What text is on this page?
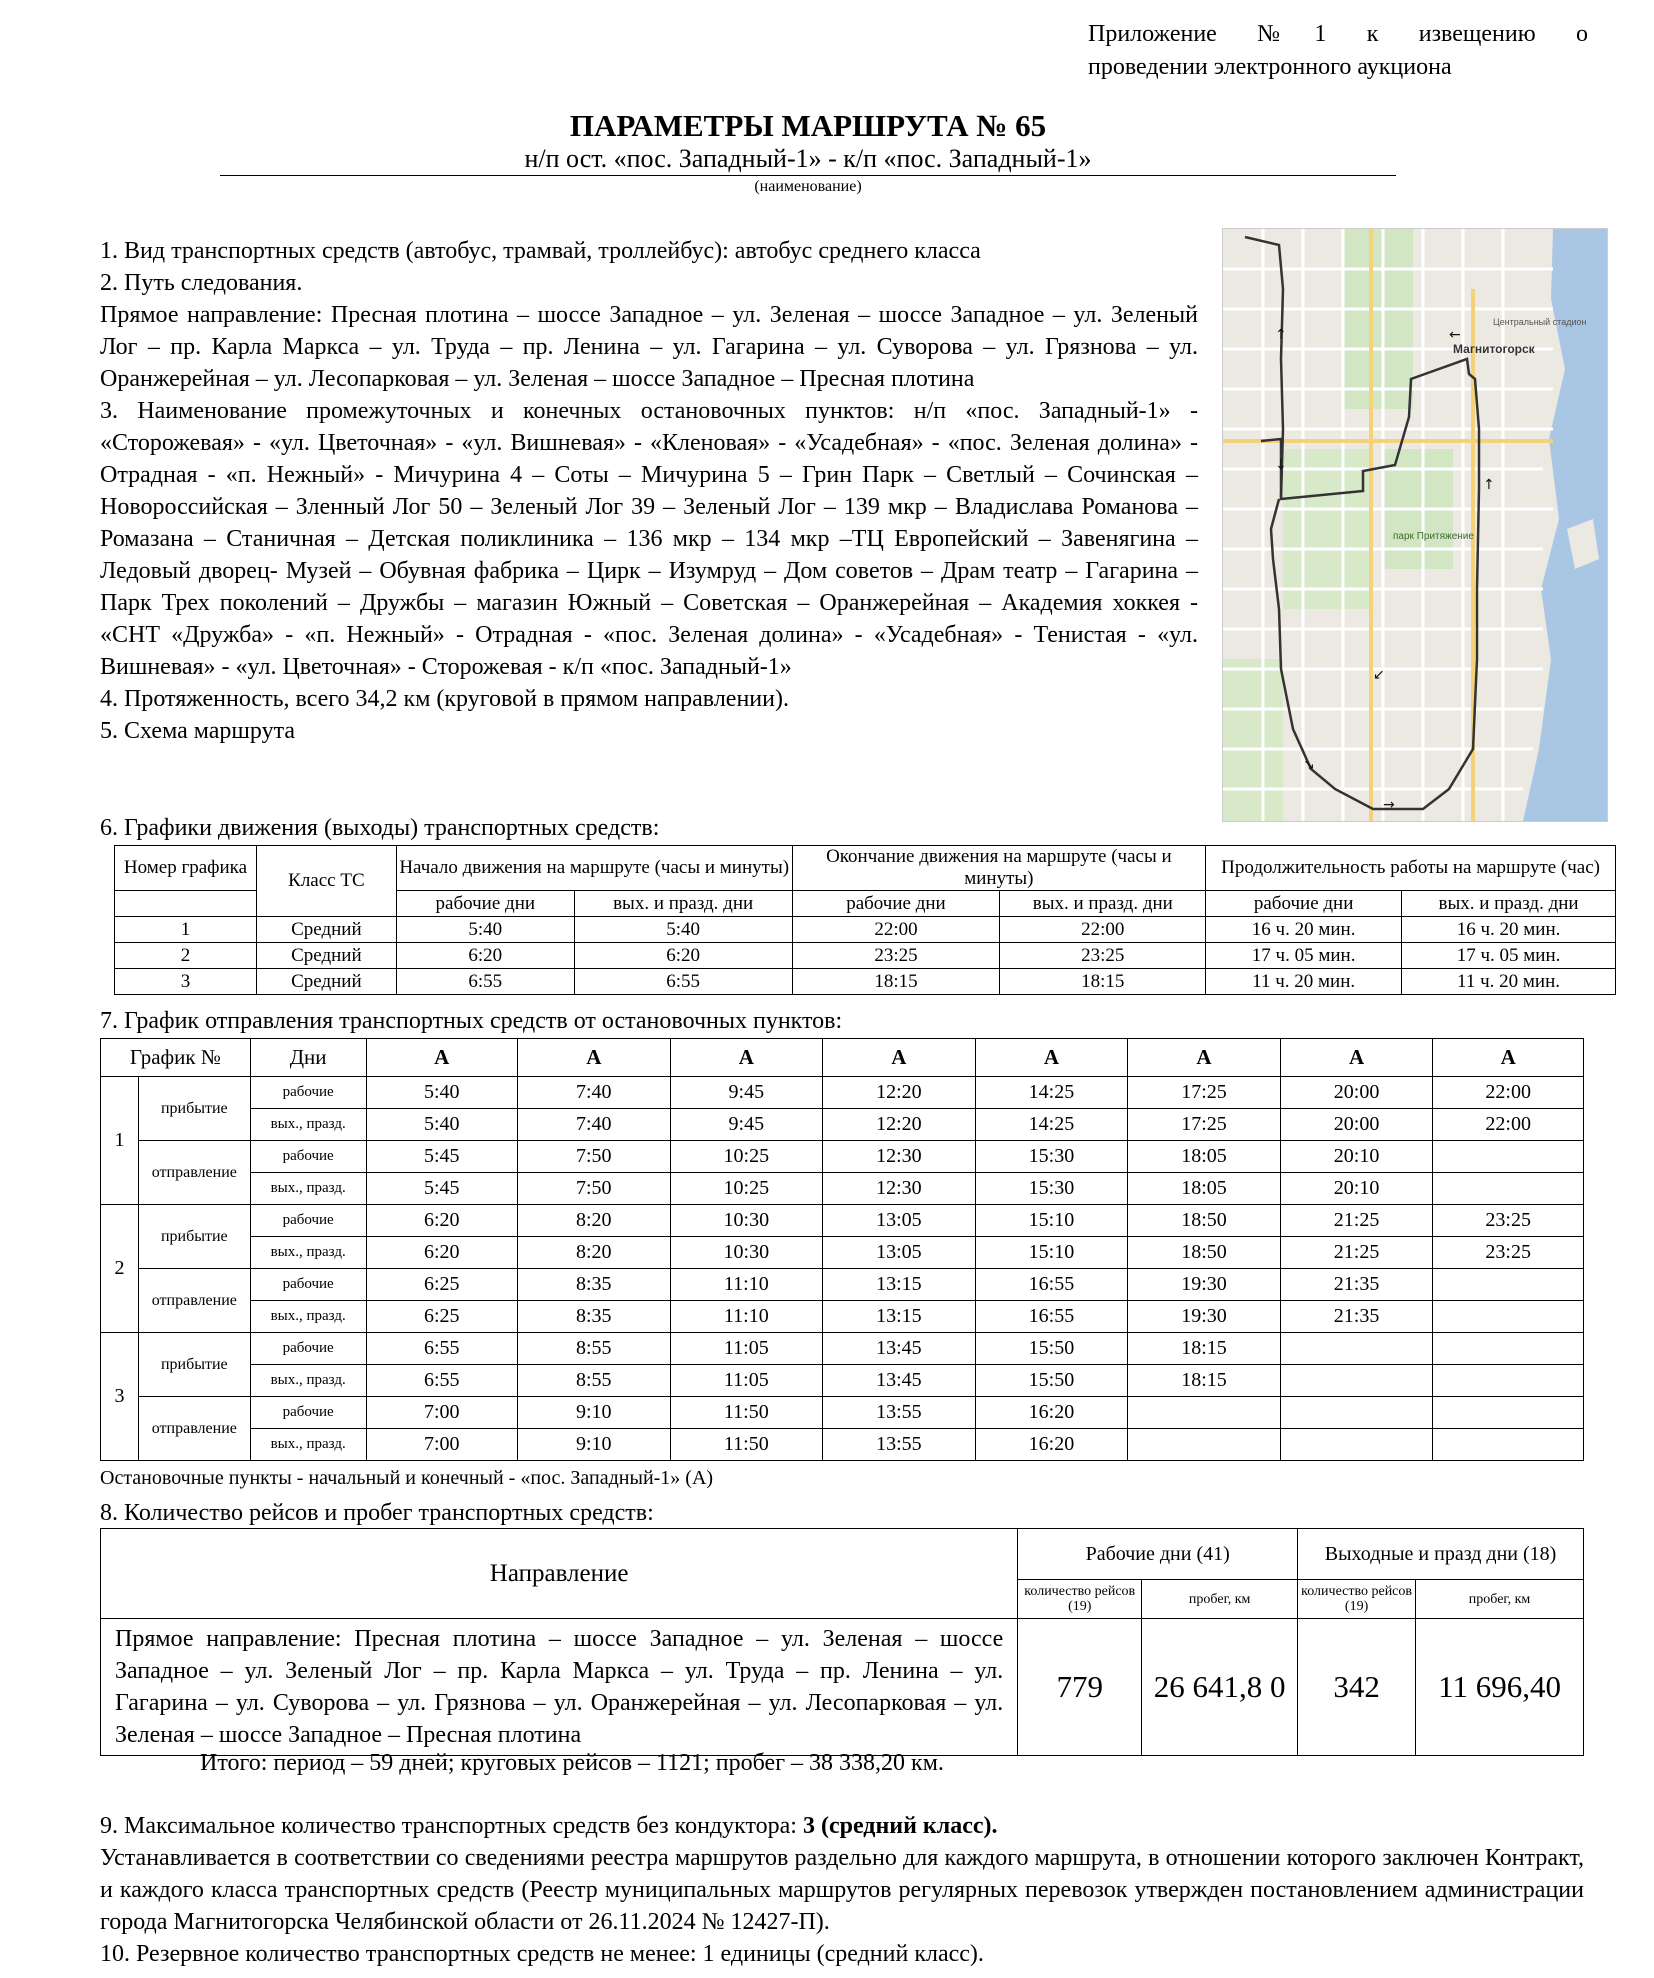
Приложение №1 к извещению о
проведении электронного аукциона
ПАРАМЕТРЫ МАРШРУТА № 65
н/п ост. «пос. Западный-1» - к/п «пос. Западный-1»
(наименование)

1. Вид транспортных средств (автобус, трамвай, троллейбус): автобус среднего класса

2. Путь следования.

Прямое направление: Пресная плотина – шоссе Западное – ул. Зеленая – шоссе Западное – ул. Зеленый Лог – пр. Карла Маркса – ул. Труда – пр. Ленина – ул. Гагарина – ул. Суворова – ул. Грязнова – ул. Оранжерейная – ул. Лесопарковая – ул. Зеленая – шоссе Западное – Пресная плотина

3. Наименование промежуточных и конечных остановочных пунктов: н/п «пос. Западный-1» - «Сторожевая» - «ул. Цветочная» - «ул. Вишневая» - «Кленовая» - «Усадебная» - «пос. Зеленая долина» - Отрадная - «п. Нежный» - Мичурина 4 – Соты – Мичурина 5 – Грин Парк – Светлый – Сочинская – Новороссийская – Зленный Лог 50 – Зеленый Лог 39 – Зеленый Лог – 139 мкр – Владислава Романова – Ромазана – Станичная – Детская поликлиника – 136 мкр – 134 мкр –ТЦ Европейский – Завенягина – Ледовый дворец- Музей – Обувная фабрика – Цирк – Изумруд – Дом советов – Драм театр – Гагарина – Парк Трех поколений – Дружбы – магазин Южный – Советская – Оранжерейная – Академия хоккея - «СНТ «Дружба» - «п. Нежный» - Отрадная - «пос. Зеленая долина» - «Усадебная» - Тенистая - «ул. Вишневая» - «ул. Цветочная» - Сторожевая - к/п «пос. Западный-1»

4. Протяженность, всего 34,2 км (круговой в прямом направлении).

5. Схема маршрута

↑
↓
↑
←
↙
→
↘
Магнитогорск
парк Притяжение
Центральный стадион
6. Графики движения (выходы) транспортных средств:
Номер графика	Класс ТС	Начало движения на маршруте (часы и минуты)		Окончание движения на маршруте (часы и минуты)		Продолжительность работы на маршруте (час)	

		рабочие дни	вых. и празд. дни	рабочие дни	вых. и празд. дни	рабочие дни	вых. и празд. дни
1	Средний	5:40	5:40	22:00	22:00	16 ч. 20 мин.	16 ч. 20 мин.
2	Средний	6:20	6:20	23:25	23:25	17 ч. 05 мин.	17 ч. 05 мин.
3	Средний	6:55	6:55	18:15	18:15	11 ч. 20 мин.	11 ч. 20 мин.
7. График отправления транспортных средств от остановочных пунктов:
График №		Дни	А	А	А	А	А	А	А	А
1	прибытие	рабочие	5:40	7:40	9:45	12:20	14:25	17:25	20:00	22:00
		вых., празд.	5:40	7:40	9:45	12:20	14:25	17:25	20:00	22:00
	отправление	рабочие	5:45	7:50	10:25	12:30	15:30	18:05	20:10	
		вых., празд.	5:45	7:50	10:25	12:30	15:30	18:05	20:10	
2	прибытие	рабочие	6:20	8:20	10:30	13:05	15:10	18:50	21:25	23:25
		вых., празд.	6:20	8:20	10:30	13:05	15:10	18:50	21:25	23:25
	отправление	рабочие	6:25	8:35	11:10	13:15	16:55	19:30	21:35	
		вых., празд.	6:25	8:35	11:10	13:15	16:55	19:30	21:35	
3	прибытие	рабочие	6:55	8:55	11:05	13:45	15:50	18:15		
		вых., празд.	6:55	8:55	11:05	13:45	15:50	18:15		
	отправление	рабочие	7:00	9:10	11:50	13:55	16:20			
		вых., празд.	7:00	9:10	11:50	13:55	16:20			
Остановочные пункты - начальный и конечный - «пос. Западный-1» (А)
8. Количество рейсов и пробег транспортных средств:
Направление	Рабочие дни (41)		Выходные и празд дни (18)	
	количество рейсов (19)	пробег, км	количество рейсов (19)	пробег, км
Прямое направление: Пресная плотина – шоссе Западное – ул. Зеленая – шоссе Западное – ул. Зеленый Лог – пр. Карла Маркса – ул. Труда – пр. Ленина – ул. Гагарина – ул. Суворова – ул. Грязнова – ул. Оранжерейная – ул. Лесопарковая – ул. Зеленая – шоссе Западное – Пресная плотина	779	26 641,8 0	342	11 696,40
Итого: период – 59 дней; круговых рейсов – 1121; пробег – 38 338,20 км.

9. Максимальное количество транспортных средств без кондуктора: 3 (средний класс).

Устанавливается в соответствии со сведениями реестра маршрутов раздельно для каждого маршрута, в отношении которого заключен Контракт, и каждого класса транспортных средств (Реестр муниципальных маршрутов регулярных перевозок утвержден постановлением администрации города Магнитогорска Челябинской области от 26.11.2024 № 12427-П).

10. Резервное количество транспортных средств не менее: 1 единицы (средний класс).
